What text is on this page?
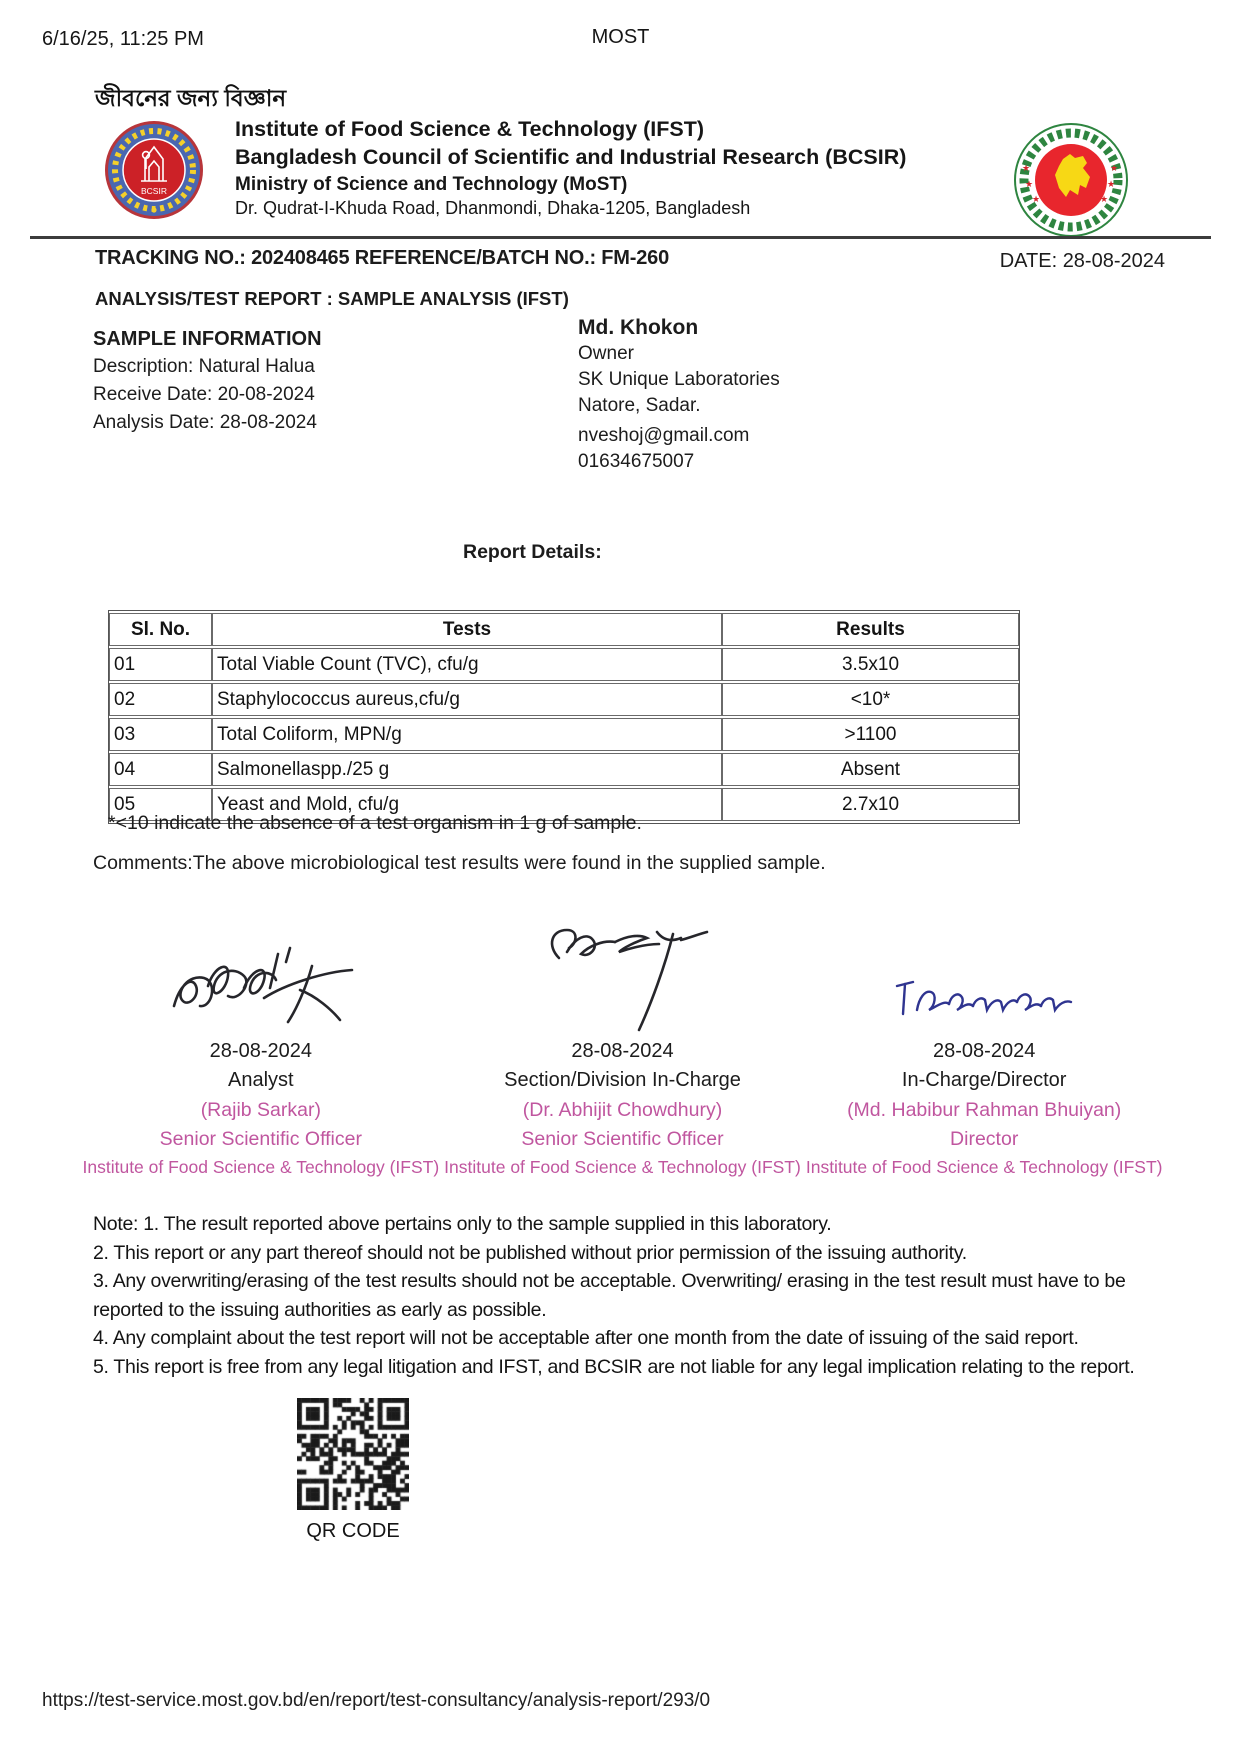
6/16/25, 11:25 PM	MOST
জীবনের জন্য বিজ্ঞান
BCSIR
Institute of Food Science & Technology (IFST)
Bangladesh Council of Scientific and Industrial Research (BCSIR)
Ministry of Science and Technology (MoST)
Dr. Qudrat-I-Khuda Road, Dhanmondi, Dhaka-1205, Bangladesh
★
★
★
★
★
★
TRACKING NO.: 202408465 REFERENCE/BATCH NO.: FM-260	DATE: 28-08-2024
ANALYSIS/TEST REPORT : SAMPLE ANALYSIS (IFST)
SAMPLE INFORMATION
Description: Natural Halua
Receive Date: 20-08-2024
Analysis Date: 28-08-2024
Md. Khokon
Owner
SK Unique Laboratories
Natore, Sadar.
nveshoj@gmail.com
01634675007
Report Details:
Sl. No.	Tests	Results
01	Total Viable Count (TVC), cfu/g	3.5x10
02	Staphylococcus aureus,cfu/g	<10*
03	Total Coliform, MPN/g	>1100
04	Salmonellaspp./25 g	Absent
05	Yeast and Mold, cfu/g	2.7x10
*<10 indicate the absence of a test organism in 1 g of sample.
Comments:The above microbiological test results were found in the supplied sample.
28-08-2024
Analyst
(Rajib Sarkar)
Senior Scientific Officer
Institute of Food Science & Technology (IFST)
28-08-2024
Section/Division In-Charge
(Dr. Abhijit Chowdhury)
Senior Scientific Officer
Institute of Food Science & Technology (IFST)
28-08-2024
In-Charge/Director
(Md. Habibur Rahman Bhuiyan)
Director
Institute of Food Science & Technology (IFST)
Note: 1. The result reported above pertains only to the sample supplied in this laboratory.
2. This report or any part thereof should not be published without prior permission of the issuing authority.
3. Any overwriting/erasing of the test results should not be acceptable. Overwriting/ erasing in the test result must have to be reported to the issuing authorities as early as possible.
4. Any complaint about the test report will not be acceptable after one month from the date of issuing of the said report.
5. This report is free from any legal litigation and IFST, and BCSIR are not liable for any legal implication relating to the report.
QR CODE
https://test-service.most.gov.bd/en/report/test-consultancy/analysis-report/293/0
